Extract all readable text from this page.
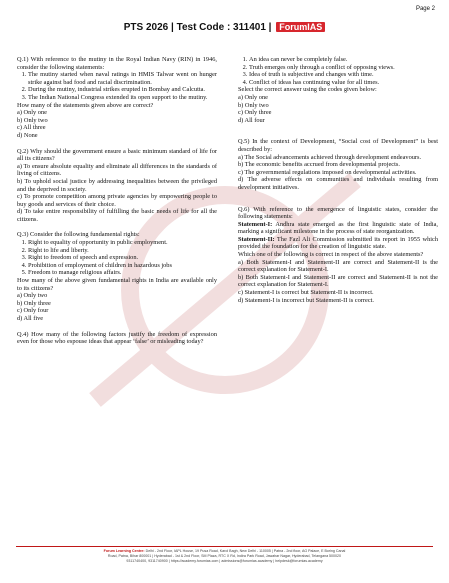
Page 2
PTS 2026 | Test Code : 311401 | ForumIAS

Q.1) With reference to the mutiny in the Royal Indian Navy (RIN) in 1946, consider the following statements:

1. The mutiny started when naval ratings in HMIS Talwar went on hunger strike against bad food and racial discrimination.
2. During the mutiny, industrial strikes erupted in Bombay and Calcutta.
3. The Indian National Congress extended its open support to the mutiny.

How many of the statements given above are correct?

a) Only one
b) Only two
c) All three
d) None

Q.2) Why should the government ensure a basic minimum standard of life for all its citizens?

a) To ensure absolute equality and eliminate all differences in the standards of living of citizens.
b) To uphold social justice by addressing inequalities between the privileged and the deprived in society.
c) To promote competition among private agencies by empowering people to buy goods and services of their choice.
d) To take entire responsibility of fulfilling the basic needs of life for all the citizens.

Q.3) Consider the following fundamental rights:

1. Right to equality of opportunity in public employment.
2. Right to life and liberty.
3. Right to freedom of speech and expression.
4. Prohibition of employment of children in hazardous jobs
5. Freedom to manage religious affairs.

How many of the above given fundamental rights in India are available only to its citizens?

a) Only two
b) Only three
c) Only four
d) All five

Q.4) How many of the following factors justify the freedom of expression even for those who espouse ideas that appear ‘false’ or misleading today?

1. An idea can never be completely false.
2. Truth emerges only through a conflict of opposing views.
3. Idea of truth is subjective and changes with time.
4. Conflict of ideas has continuing value for all times.

Select the correct answer using the codes given below:

a) Only one
b) Only two
c) Only three
d) All four

Q.5) In the context of Development, “Social cost of Development” is best described by:

a) The Social advancements achieved through development endeavours.
b) The economic benefits accrued from developmental projects.
c) The governmental regulations imposed on developmental activities.
d) The adverse effects on communities and individuals resulting from development initiatives.

Q.6) With reference to the emergence of linguistic states, consider the following statements:

Statement-I: Andhra state emerged as the first linguistic state of India, marking a significant milestone in the process of state reorganization.

Statement-II: The Fazl Ali Commission submitted its report in 1955 which provided the foundation for the creation of linguistic state.

Which one of the following is correct in respect of the above statements?

a) Both Statement-I and Statement-II are correct and Statement-II is the correct explanation for Statement-I.
b) Both Statement-I and Statement-II are correct and Statement-II is not the correct explanation for Statement-I.
c) Statement-I is correct but Statement-II is incorrect.
d) Statement-I is incorrect but Statement-II is correct.
Forum Learning Centre: Delhi - 2nd Floor, IAPL House, 19 Pusa Road, Karol Bagh, New Delhi - 110005 | Patna - 2nd floor, AG Palace, E Boring Canal
Road, Patna, Bihar 800001 | Hyderabad - 1st & 2nd Floor, SM Plaza, RTC X Rd, Indira Park Road, Jawahar Nagar, Hyderabad, Telangana 500020
9311740400, 9311740900 | https://academy.forumias.com | admissions@forumias.academy | helpdesk@forumias.academy
